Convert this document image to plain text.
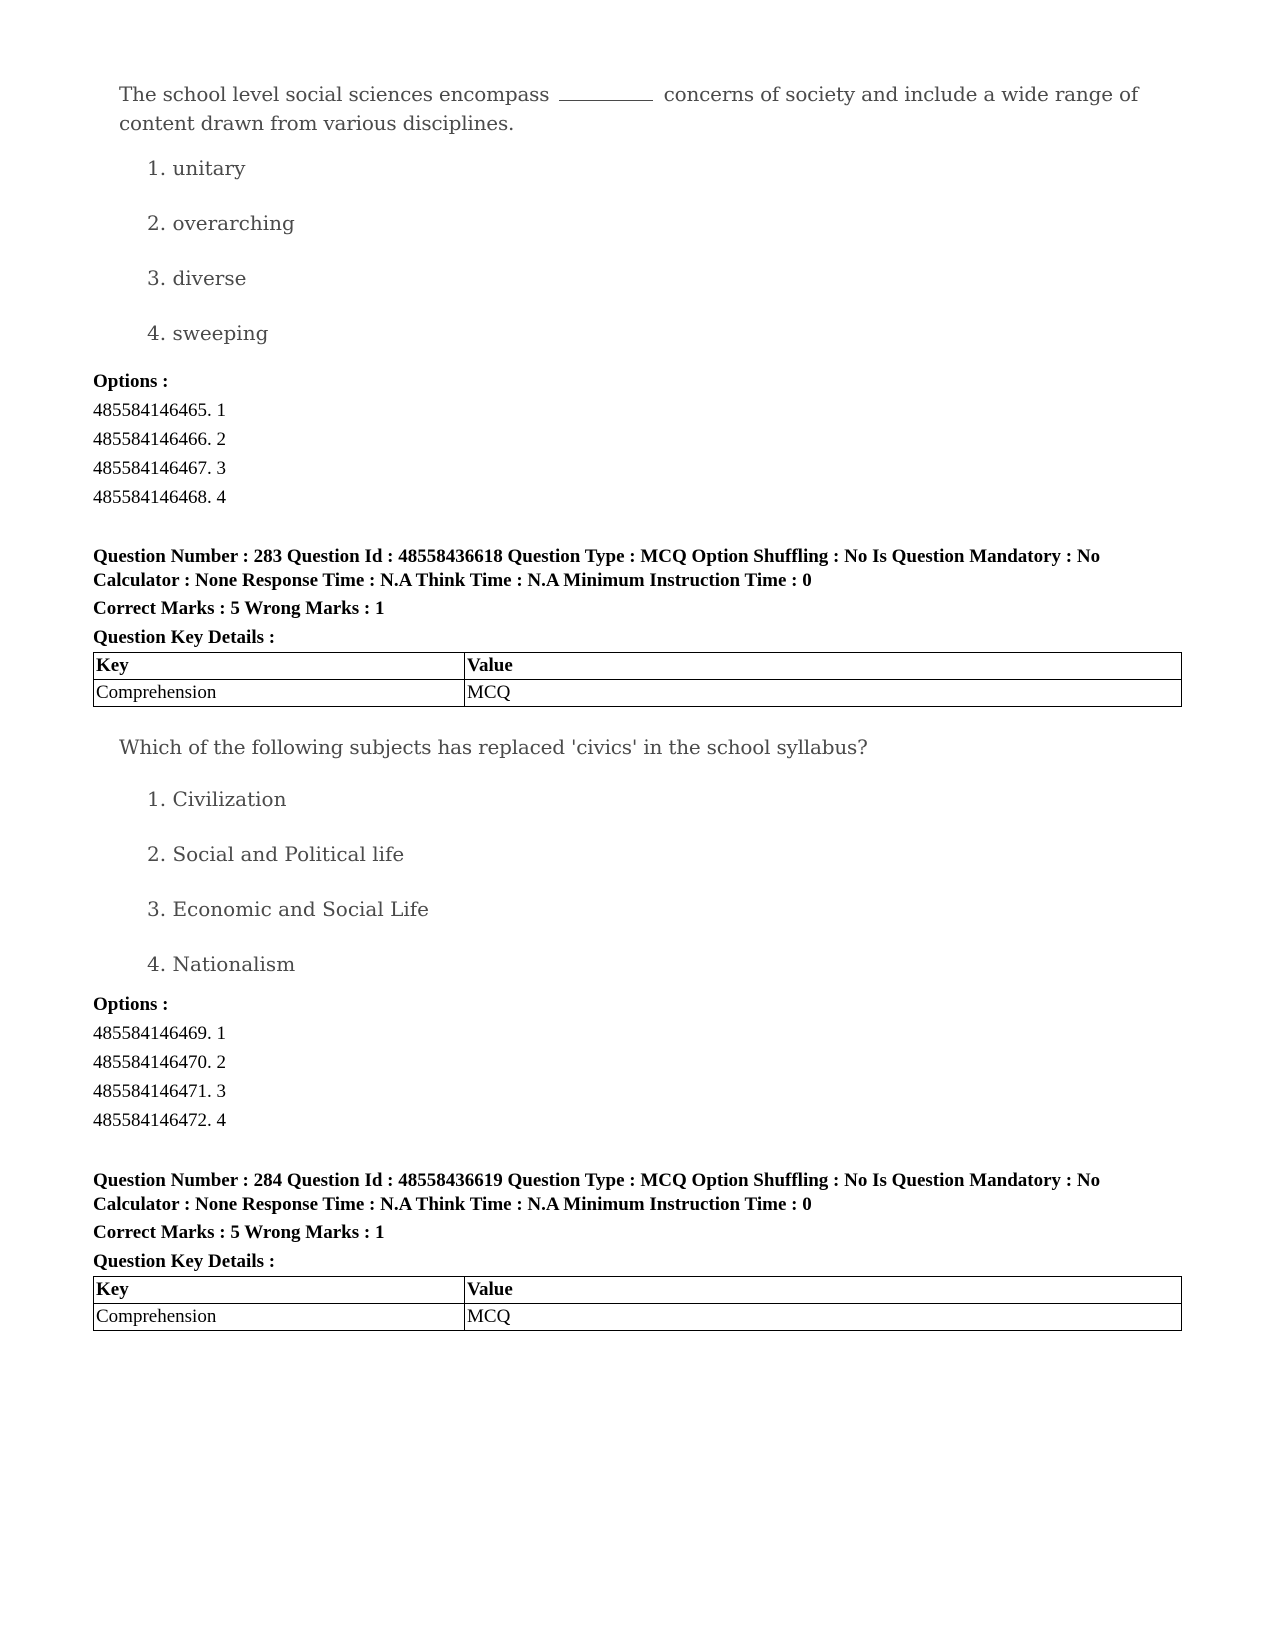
The school level social sciences encompass	concerns of society and include a wide range of content drawn from various disciplines.

1. unitary
2. overarching
3. diverse
4. sweeping
Options :
485584146465. 1
485584146466. 2
485584146467. 3
485584146468. 4
Question Number : 283 Question Id : 48558436618 Question Type : MCQ Option Shuffling : No Is Question Mandatory : No Calculator : None Response Time : N.A Think Time : N.A Minimum Instruction Time : 0
Correct Marks : 5 Wrong Marks : 1
Question Key Details :
Key	Value
Comprehension	MCQ

Which of the following subjects has replaced 'civics' in the school syllabus?

1. Civilization
2. Social and Political life
3. Economic and Social Life
4. Nationalism
Options :
485584146469. 1
485584146470. 2
485584146471. 3
485584146472. 4
Question Number : 284 Question Id : 48558436619 Question Type : MCQ Option Shuffling : No Is Question Mandatory : No Calculator : None Response Time : N.A Think Time : N.A Minimum Instruction Time : 0
Correct Marks : 5 Wrong Marks : 1
Question Key Details :
Key	Value
Comprehension	MCQ
